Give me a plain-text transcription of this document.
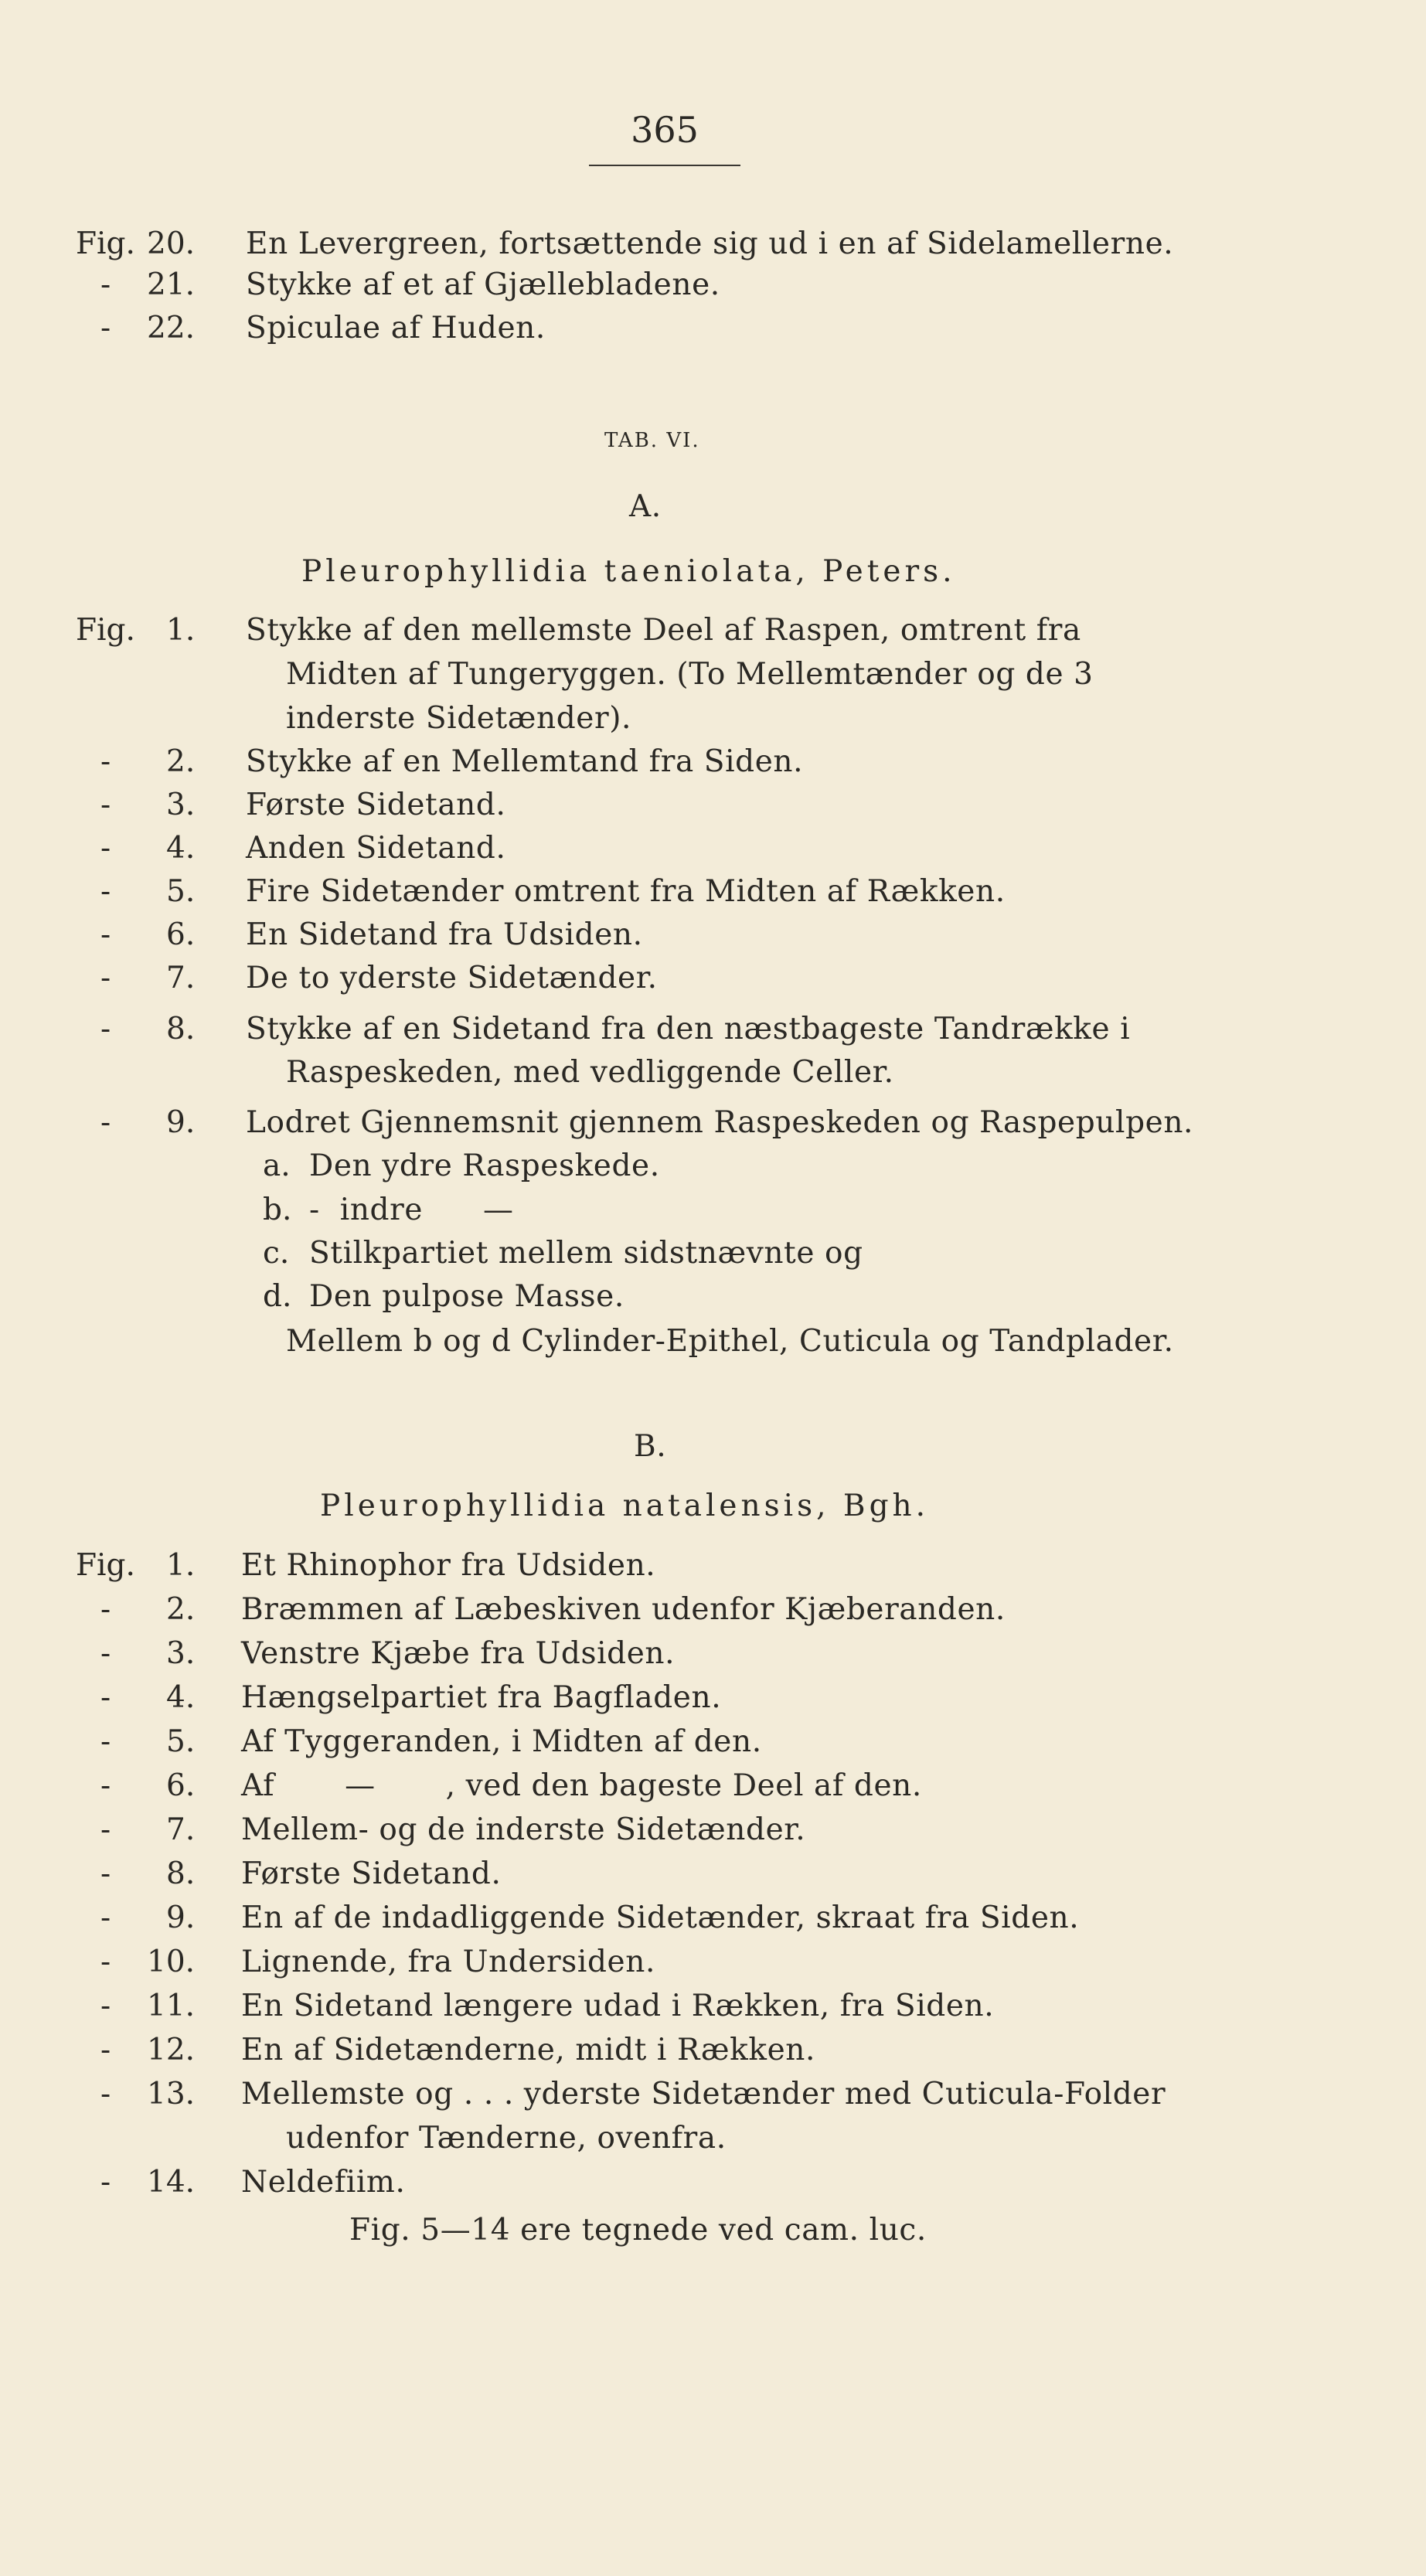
365
Fig. 20. En Levergreen, fortsættende sig ud i en af Sidelamellerne.
- 21. Stykke af et af Gjællebladene.
- 22. Spiculae af Huden.
TAB. VI.
A.
Pleurophyllidia taeniolata, Peters.
Fig. 1. Stykke af den mellemste Deel af Raspen, omtrent fra
Midten af Tungeryggen. (To Mellemtænder og de 3
inderste Sidetænder).
- 2. Stykke af en Mellemtand fra Siden.
- 3. Første Sidetand.
- 4. Anden Sidetand.
- 5. Fire Sidetænder omtrent fra Midten af Rækken.
- 6. En Sidetand fra Udsiden.
- 7. De to yderste Sidetænder.
- 8. Stykke af en Sidetand fra den næstbageste Tandrække i
Raspeskeden, med vedliggende Celler.
- 9. Lodret Gjennemsnit gjennem Raspeskeden og Raspepulpen.
a. Den ydre Raspeskede.
b. -  indre      —
c. Stilkpartiet mellem sidstnævnte og
d. Den pulpose Masse.
Mellem b og d Cylinder-Epithel, Cuticula og Tandplader.
B.
Pleurophyllidia natalensis, Bgh.
Fig. 1. Et Rhinophor fra Udsiden.
- 2. Bræmmen af Læbeskiven udenfor Kjæberanden.
- 3. Venstre Kjæbe fra Udsiden.
- 4. Hængselpartiet fra Bagfladen.
- 5. Af Tyggeranden, i Midten af den.
- 6. Af       —       , ved den bageste Deel af den.
- 7. Mellem- og de inderste Sidetænder.
- 8. Første Sidetand.
- 9. En af de indadliggende Sidetænder, skraat fra Siden.
- 10. Lignende, fra Undersiden.
- 11. En Sidetand længere udad i Rækken, fra Siden.
- 12. En af Sidetænderne, midt i Rækken.
- 13. Mellemste og . . . yderste Sidetænder med Cuticula-Folder
udenfor Tænderne, ovenfra.
- 14. Neldefiim.
Fig. 5—14 ere tegnede ved cam. luc.
